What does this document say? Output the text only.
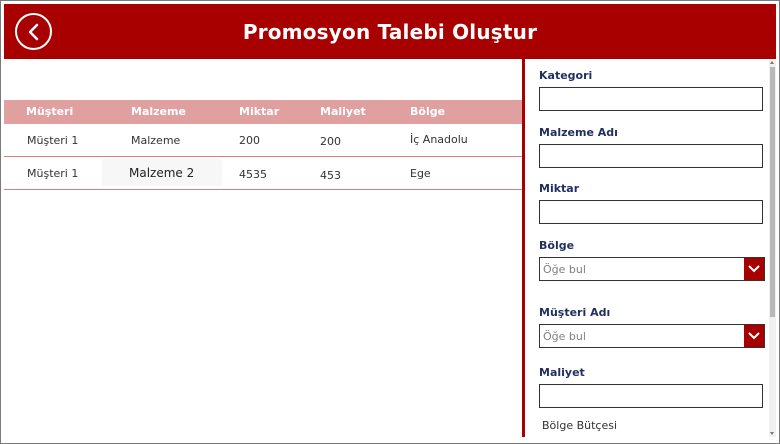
Promosyon Talebi Oluştur
Müşteri	Malzeme	Miktar	Maliyet	Bölge
Müşteri 1	Malzeme	200	200	İç Anadolu
Müşteri 1	Malzeme 2	4535	453	Ege
Kategori
Malzeme Adı
Miktar
Bölge
Öğe bul
Müşteri Adı
Öğe bul
Maliyet
Bölge Bütçesi
